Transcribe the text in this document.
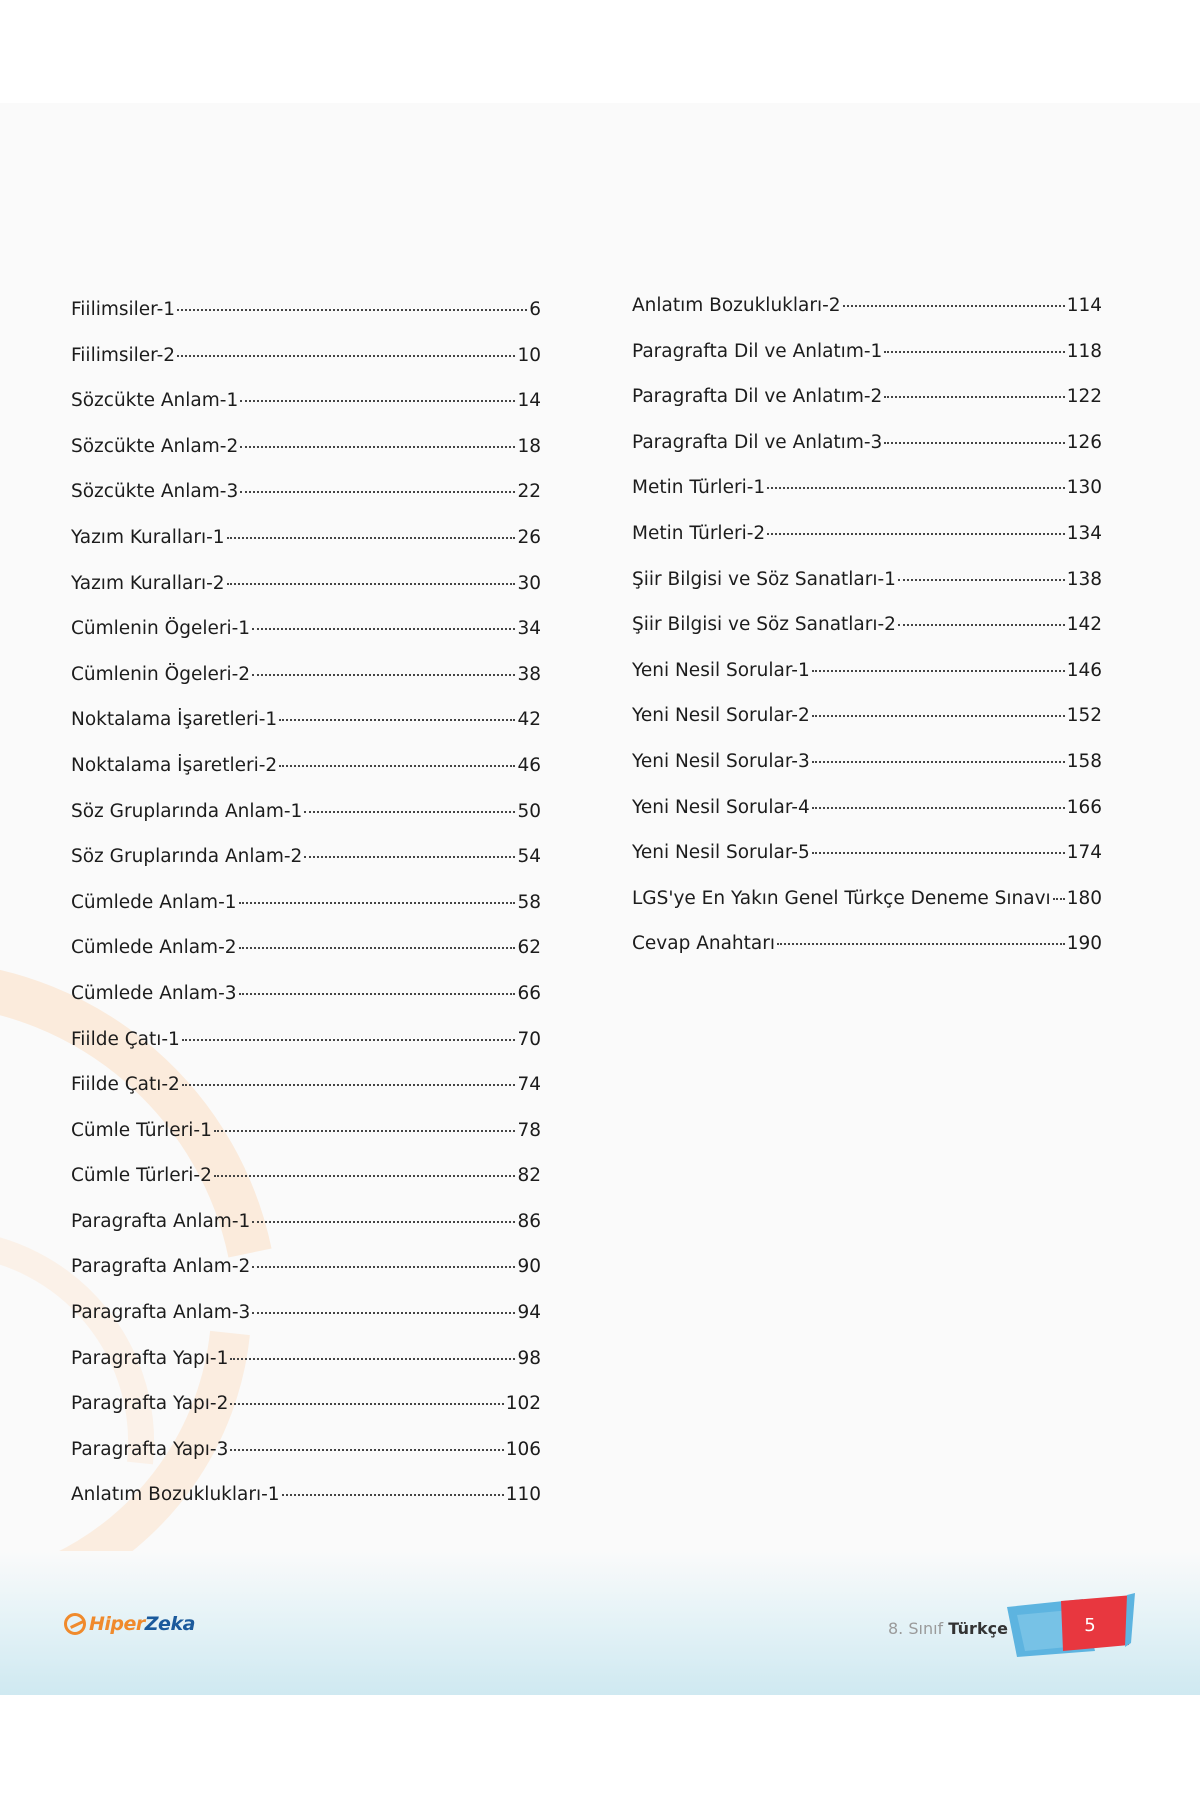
Fiilimsiler-1	6
Fiilimsiler-2	10
Sözcükte Anlam-1	14
Sözcükte Anlam-2	18
Sözcükte Anlam-3	22
Yazım Kuralları-1	26
Yazım Kuralları-2	30
Cümlenin Ögeleri-1	34
Cümlenin Ögeleri-2	38
Noktalama İşaretleri-1	42
Noktalama İşaretleri-2	46
Söz Gruplarında Anlam-1	50
Söz Gruplarında Anlam-2	54
Cümlede Anlam-1	58
Cümlede Anlam-2	62
Cümlede Anlam-3	66
Fiilde Çatı-1	70
Fiilde Çatı-2	74
Cümle Türleri-1	78
Cümle Türleri-2	82
Paragrafta Anlam-1	86
Paragrafta Anlam-2	90
Paragrafta Anlam-3	94
Paragrafta Yapı-1	98
Paragrafta Yapı-2	102
Paragrafta Yapı-3	106
Anlatım Bozuklukları-1	110
Anlatım Bozuklukları-2	114
Paragrafta Dil ve Anlatım-1	118
Paragrafta Dil ve Anlatım-2	122
Paragrafta Dil ve Anlatım-3	126
Metin Türleri-1	130
Metin Türleri-2	134
Şiir Bilgisi ve Söz Sanatları-1	138
Şiir Bilgisi ve Söz Sanatları-2	142
Yeni Nesil Sorular-1	146
Yeni Nesil Sorular-2	152
Yeni Nesil Sorular-3	158
Yeni Nesil Sorular-4	166
Yeni Nesil Sorular-5	174
LGS'ye En Yakın Genel Türkçe Deneme Sınavı 180
Cevap Anahtarı	190
Hiper Zeka	8. Sınıf Türkçe	5
